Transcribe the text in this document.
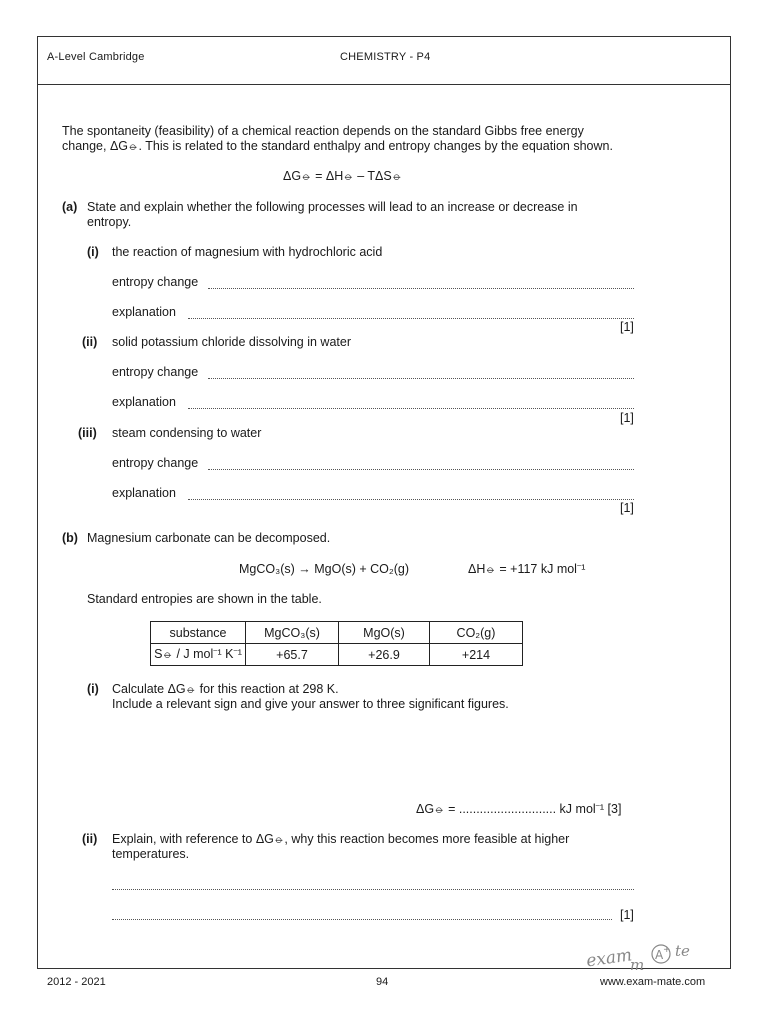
A-Level Cambridge	CHEMISTRY - P4
The spontaneity (feasibility) of a chemical reaction depends on the standard Gibbs free energy
change, ΔG⦵. This is related to the standard enthalpy and entropy changes by the equation shown.
ΔG⦵ = ΔH⦵ – TΔS⦵
(a) State and explain whether the following processes will lead to an increase or decrease in
entropy.
(i) the reaction of magnesium with hydrochloric acid
entropy change
explanation
[1]
(ii) solid potassium chloride dissolving in water
entropy change
explanation
[1]
(iii) steam condensing to water
entropy change
explanation
[1]
(b) Magnesium carbonate can be decomposed.
MgCO₃(s) → MgO(s) + CO₂(g)	ΔH⦵ = +117 kJ mol⁻¹
Standard entropies are shown in the table.
substance	MgCO₃(s)	MgO(s)	CO₂(g)
S⦵ / J mol⁻¹ K⁻¹	+65.7	+26.9	+214
(i) Calculate ΔG⦵ for this reaction at 298 K.
Include a relevant sign and give your answer to three significant figures.
ΔG⦵ = ............................ kJ mol⁻¹ [3]
(ii) Explain, with reference to ΔG⦵, why this reaction becomes more feasible at higher
temperatures.
[1]
exam
m
A + te
2012 - 2021	94	www.exam-mate.com
